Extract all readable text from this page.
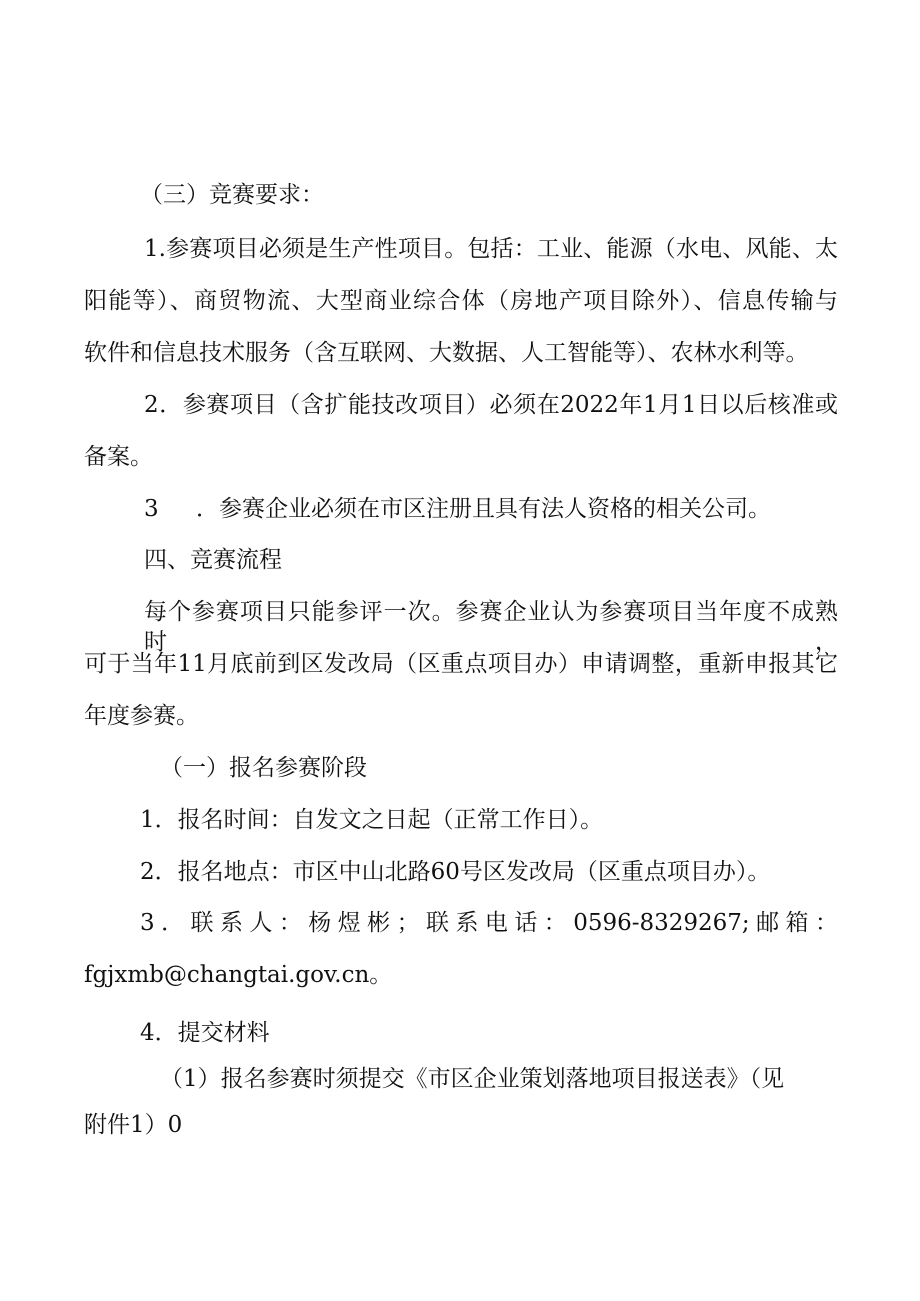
（三）竞赛要求：
1.参赛项目必须是生产性项目。包括：工业、能源（水电、风能、太
阳能等）、商贸物流、大型商业综合体（房地产项目除外）、信息传输与
软件和信息技术服务（含互联网、大数据、人工智能等）、农林水利等。
2．参赛项目（含扩能技改项目）必须在2022年1月1日以后核准或
备案。
3 ．参赛企业必须在市区注册且具有法人资格的相关公司。
四、竞赛流程
每个参赛项目只能参评一次。参赛企业认为参赛项目当年度不成熟时，
可于当年11月底前到区发改局（区重点项目办）申请调整，重新申报其它
年度参赛。
（一）报名参赛阶段
1．报名时间：自发文之日起（正常工作日）。
2．报名地点：市区中山北路60号区发改局（区重点项目办）。
3．联系人：杨煜彬；联系电话：0596-8329267;邮箱：
fgjxmb@changtai.gov.cn。
4．提交材料
（1）报名参赛时须提交《市区企业策划落地项目报送表》（见
附件1）0
